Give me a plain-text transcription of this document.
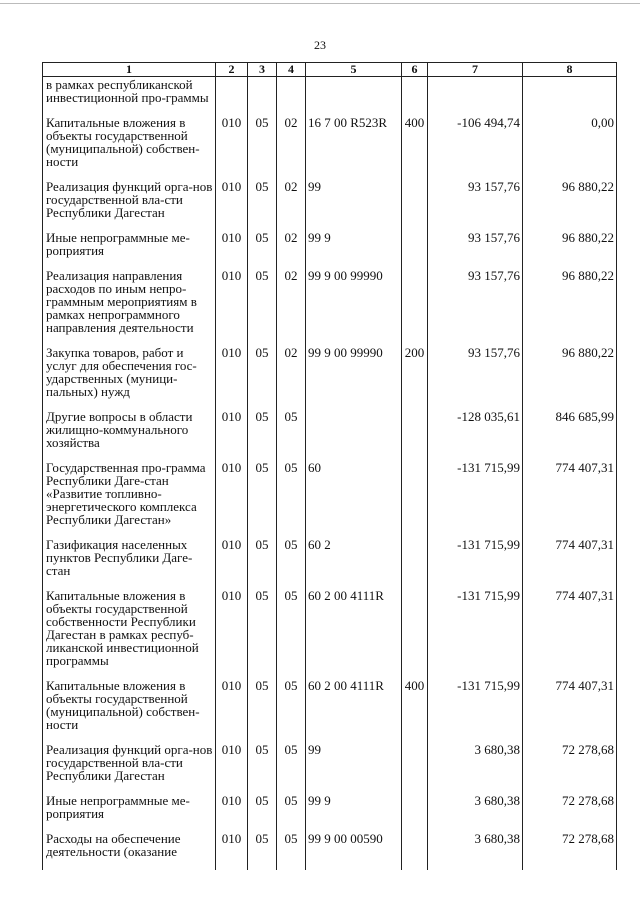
23
1	2	3	4	5	6	7	8
в рамках республиканской инвестиционной про-граммы							
Капитальные вложения в объекты государственной (муниципальной) собствен-ности	010	05	02	16 7 00 R523R	400	-106 494,74	0,00
Реализация функций орга-нов государственной вла-сти Республики Дагестан	010	05	02	99		93 157,76	96 880,22
Иные непрограммные ме-роприятия	010	05	02	99 9		93 157,76	96 880,22
Реализация направления расходов по иным непро-граммным мероприятиям в рамках непрограммного направления деятельности	010	05	02	99 9 00 99990		93 157,76	96 880,22
Закупка товаров, работ и услуг для обеспечения гос-ударственных (муници-пальных) нужд	010	05	02	99 9 00 99990	200	93 157,76	96 880,22
Другие вопросы в области жилищно-коммунального хозяйства	010	05	05			-128 035,61	846 685,99
Государственная про-грамма Республики Даге-стан «Развитие топливно-энергетического комплекса Республики Дагестан»	010	05	05	60		-131 715,99	774 407,31
Газификация населенных пунктов Республики Даге-стан	010	05	05	60 2		-131 715,99	774 407,31
Капитальные вложения в объекты государственной собственности Республики Дагестан в рамках респуб-ликанской инвестиционной программы	010	05	05	60 2 00 4111R		-131 715,99	774 407,31
Капитальные вложения в объекты государственной (муниципальной) собствен-ности	010	05	05	60 2 00 4111R	400	-131 715,99	774 407,31
Реализация функций орга-нов государственной вла-сти Республики Дагестан	010	05	05	99		3 680,38	72 278,68
Иные непрограммные ме-роприятия	010	05	05	99 9		3 680,38	72 278,68
Расходы на обеспечение деятельности (оказание	010	05	05	99 9 00 00590		3 680,38	72 278,68
